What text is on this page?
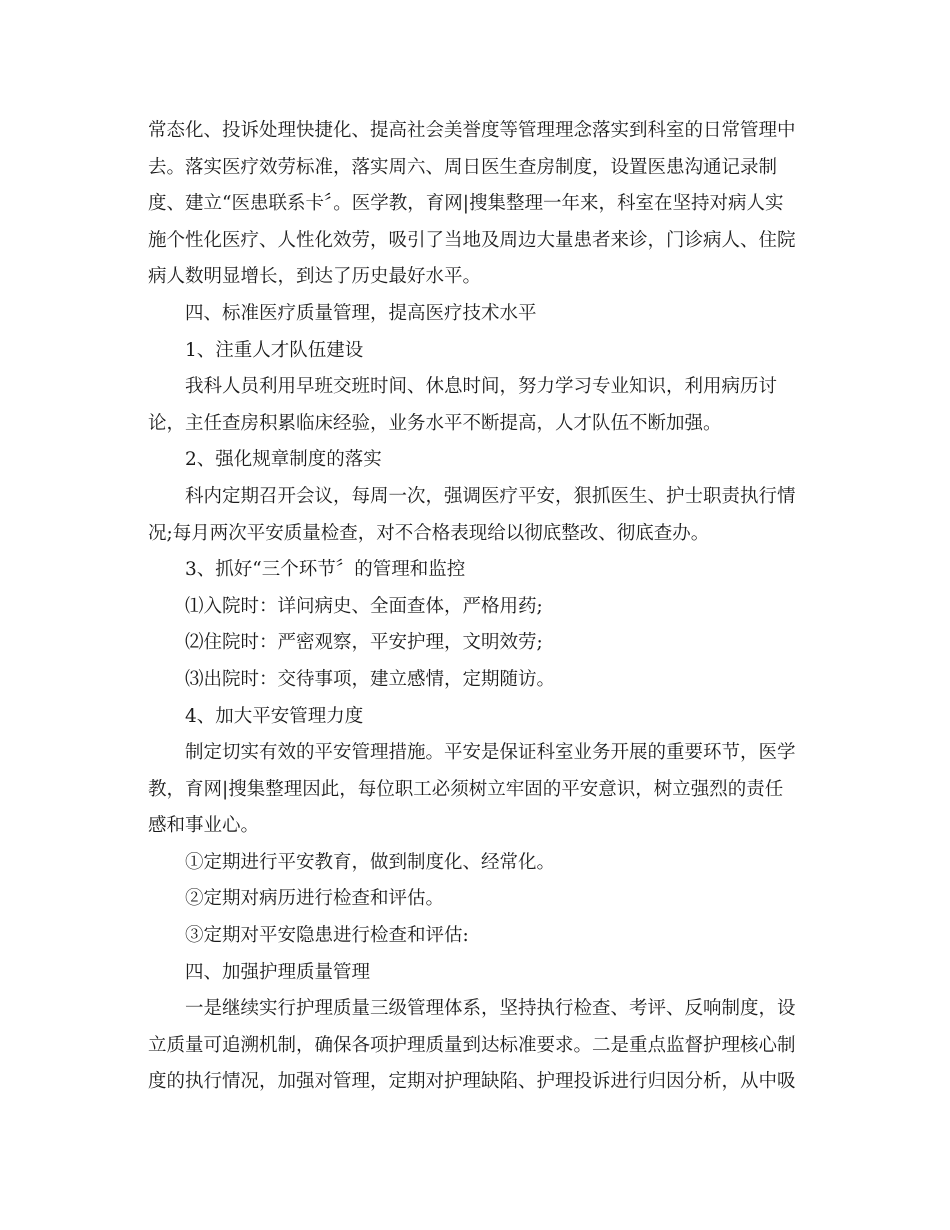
常态化、投诉处理快捷化、提高社会美誉度等管理理念落实到科室的日常管理中

去。落实医疗效劳标准，落实周六、周日医生查房制度，设置医患沟通记录制

度、建立“医患联系卡〞。医学教，育网|搜集整理一年来，科室在坚持对病人实

施个性化医疗、人性化效劳，吸引了当地及周边大量患者来诊，门诊病人、住院

病人数明显增长，到达了历史最好水平。

四、标准医疗质量管理，提高医疗技术水平

1、注重人才队伍建设

我科人员利用早班交班时间、休息时间，努力学习专业知识，利用病历讨

论，主任查房积累临床经验，业务水平不断提高，人才队伍不断加强。

2、强化规章制度的落实

科内定期召开会议，每周一次，强调医疗平安，狠抓医生、护士职责执行情

况;每月两次平安质量检查，对不合格表现给以彻底整改、彻底查办。

3、抓好“三个环节〞的管理和监控

⑴入院时：详问病史、全面查体，严格用药;

⑵住院时：严密观察，平安护理，文明效劳;

⑶出院时：交待事项，建立感情，定期随访。

4、加大平安管理力度

制定切实有效的平安管理措施。平安是保证科室业务开展的重要环节，医学

教，育网|搜集整理因此，每位职工必须树立牢固的平安意识，树立强烈的责任

感和事业心。

①定期进行平安教育，做到制度化、经常化。

②定期对病历进行检查和评估。

③定期对平安隐患进行检查和评估:

四、加强护理质量管理

一是继续实行护理质量三级管理体系，坚持执行检查、考评、反响制度，设

立质量可追溯机制，确保各项护理质量到达标准要求。二是重点监督护理核心制

度的执行情况，加强对管理，定期对护理缺陷、护理投诉进行归因分析，从中吸
